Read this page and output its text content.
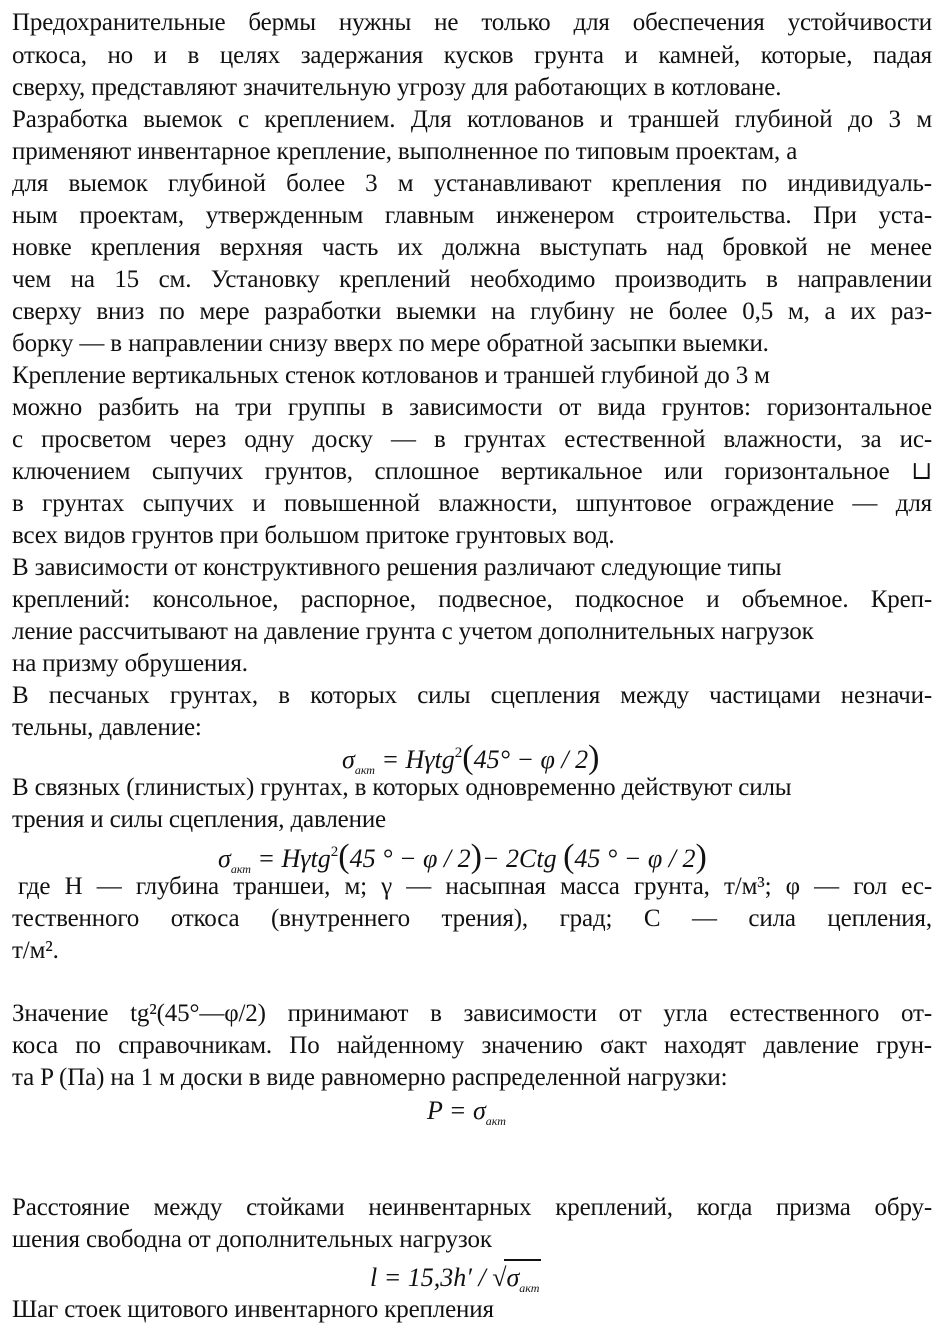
Предохранительные бермы нужны не только для обеспечения устойчивости
откоса, но и в целях задержания кусков грунта и камней, которые, падая
сверху, представляют значительную угрозу для работающих в котловане.
Разработка выемок с креплением. Для котлованов и траншей глубиной до 3 м
применяют инвентарное крепление, выполненное по типовым проектам, а
для выемок глубиной более 3 м устанавливают крепления по индивидуаль-
ным проектам, утвержденным главным инженером строительства. При уста-
новке крепления верхняя часть их должна выступать над бровкой не менее
чем на 15 см. Установку креплений необходимо производить в направлении
сверху вниз по мере разработки выемки на глубину не более 0,5 м, а их раз-
борку — в направлении снизу вверх по мере обратной засыпки выемки.
Крепление вертикальных стенок котлованов и траншей глубиной до 3 м
можно разбить на три группы в зависимости от вида грунтов: горизонтальное
с просветом через одну доску — в грунтах естественной влажности, за ис-
ключением сыпучих грунтов, сплошное вертикальное или горизонтальное ⊔
в грунтах сыпучих и повышенной влажности, шпунтовое ограждение — для
всех видов грунтов при большом притоке грунтовых вод.
В зависимости от конструктивного решения различают следующие типы
креплений: консольное, распорное, подвесное, подкосное и объемное. Креп-
ление рассчитывают на давление грунта с учетом дополнительных нагрузок
на призму обрушения.
В песчаных грунтах, в которых силы сцепления между частицами незначи-
тельны, давление:
$\sigma_{акт} = H\gamma tg^2(45^\circ - \varphi / 2)$
В связных (глинистых) грунтах, в которых одновременно действуют силы
трения и силы сцепления, давление
$\sigma_{акт} = H\gamma tg^2(45$ ° − φ / 2)− 2Ctg (45 ° − φ / 2)
где H — глубина траншеи, м; γ — насыпная масса грунта, т/м³; φ — гол ес-
тественного откоса (внутреннего трения), град; С — сила цепления,
т/м².
Значение tg²(45°—φ/2) принимают в зависимости от угла естественного от-
коса по справочникам. По найденному значению σакт находят давление грун-
та P (Па) на 1 м доски в виде равномерно распределенной нагрузки:
$P = \sigma_{акт}$
Расстояние между стойками неинвентарных креплений, когда призма обру-
шения свободна от дополнительных нагрузок
$l = 15,3h' / √\sigma_{акт}$
Шаг стоек щитового инвентарного крепления
